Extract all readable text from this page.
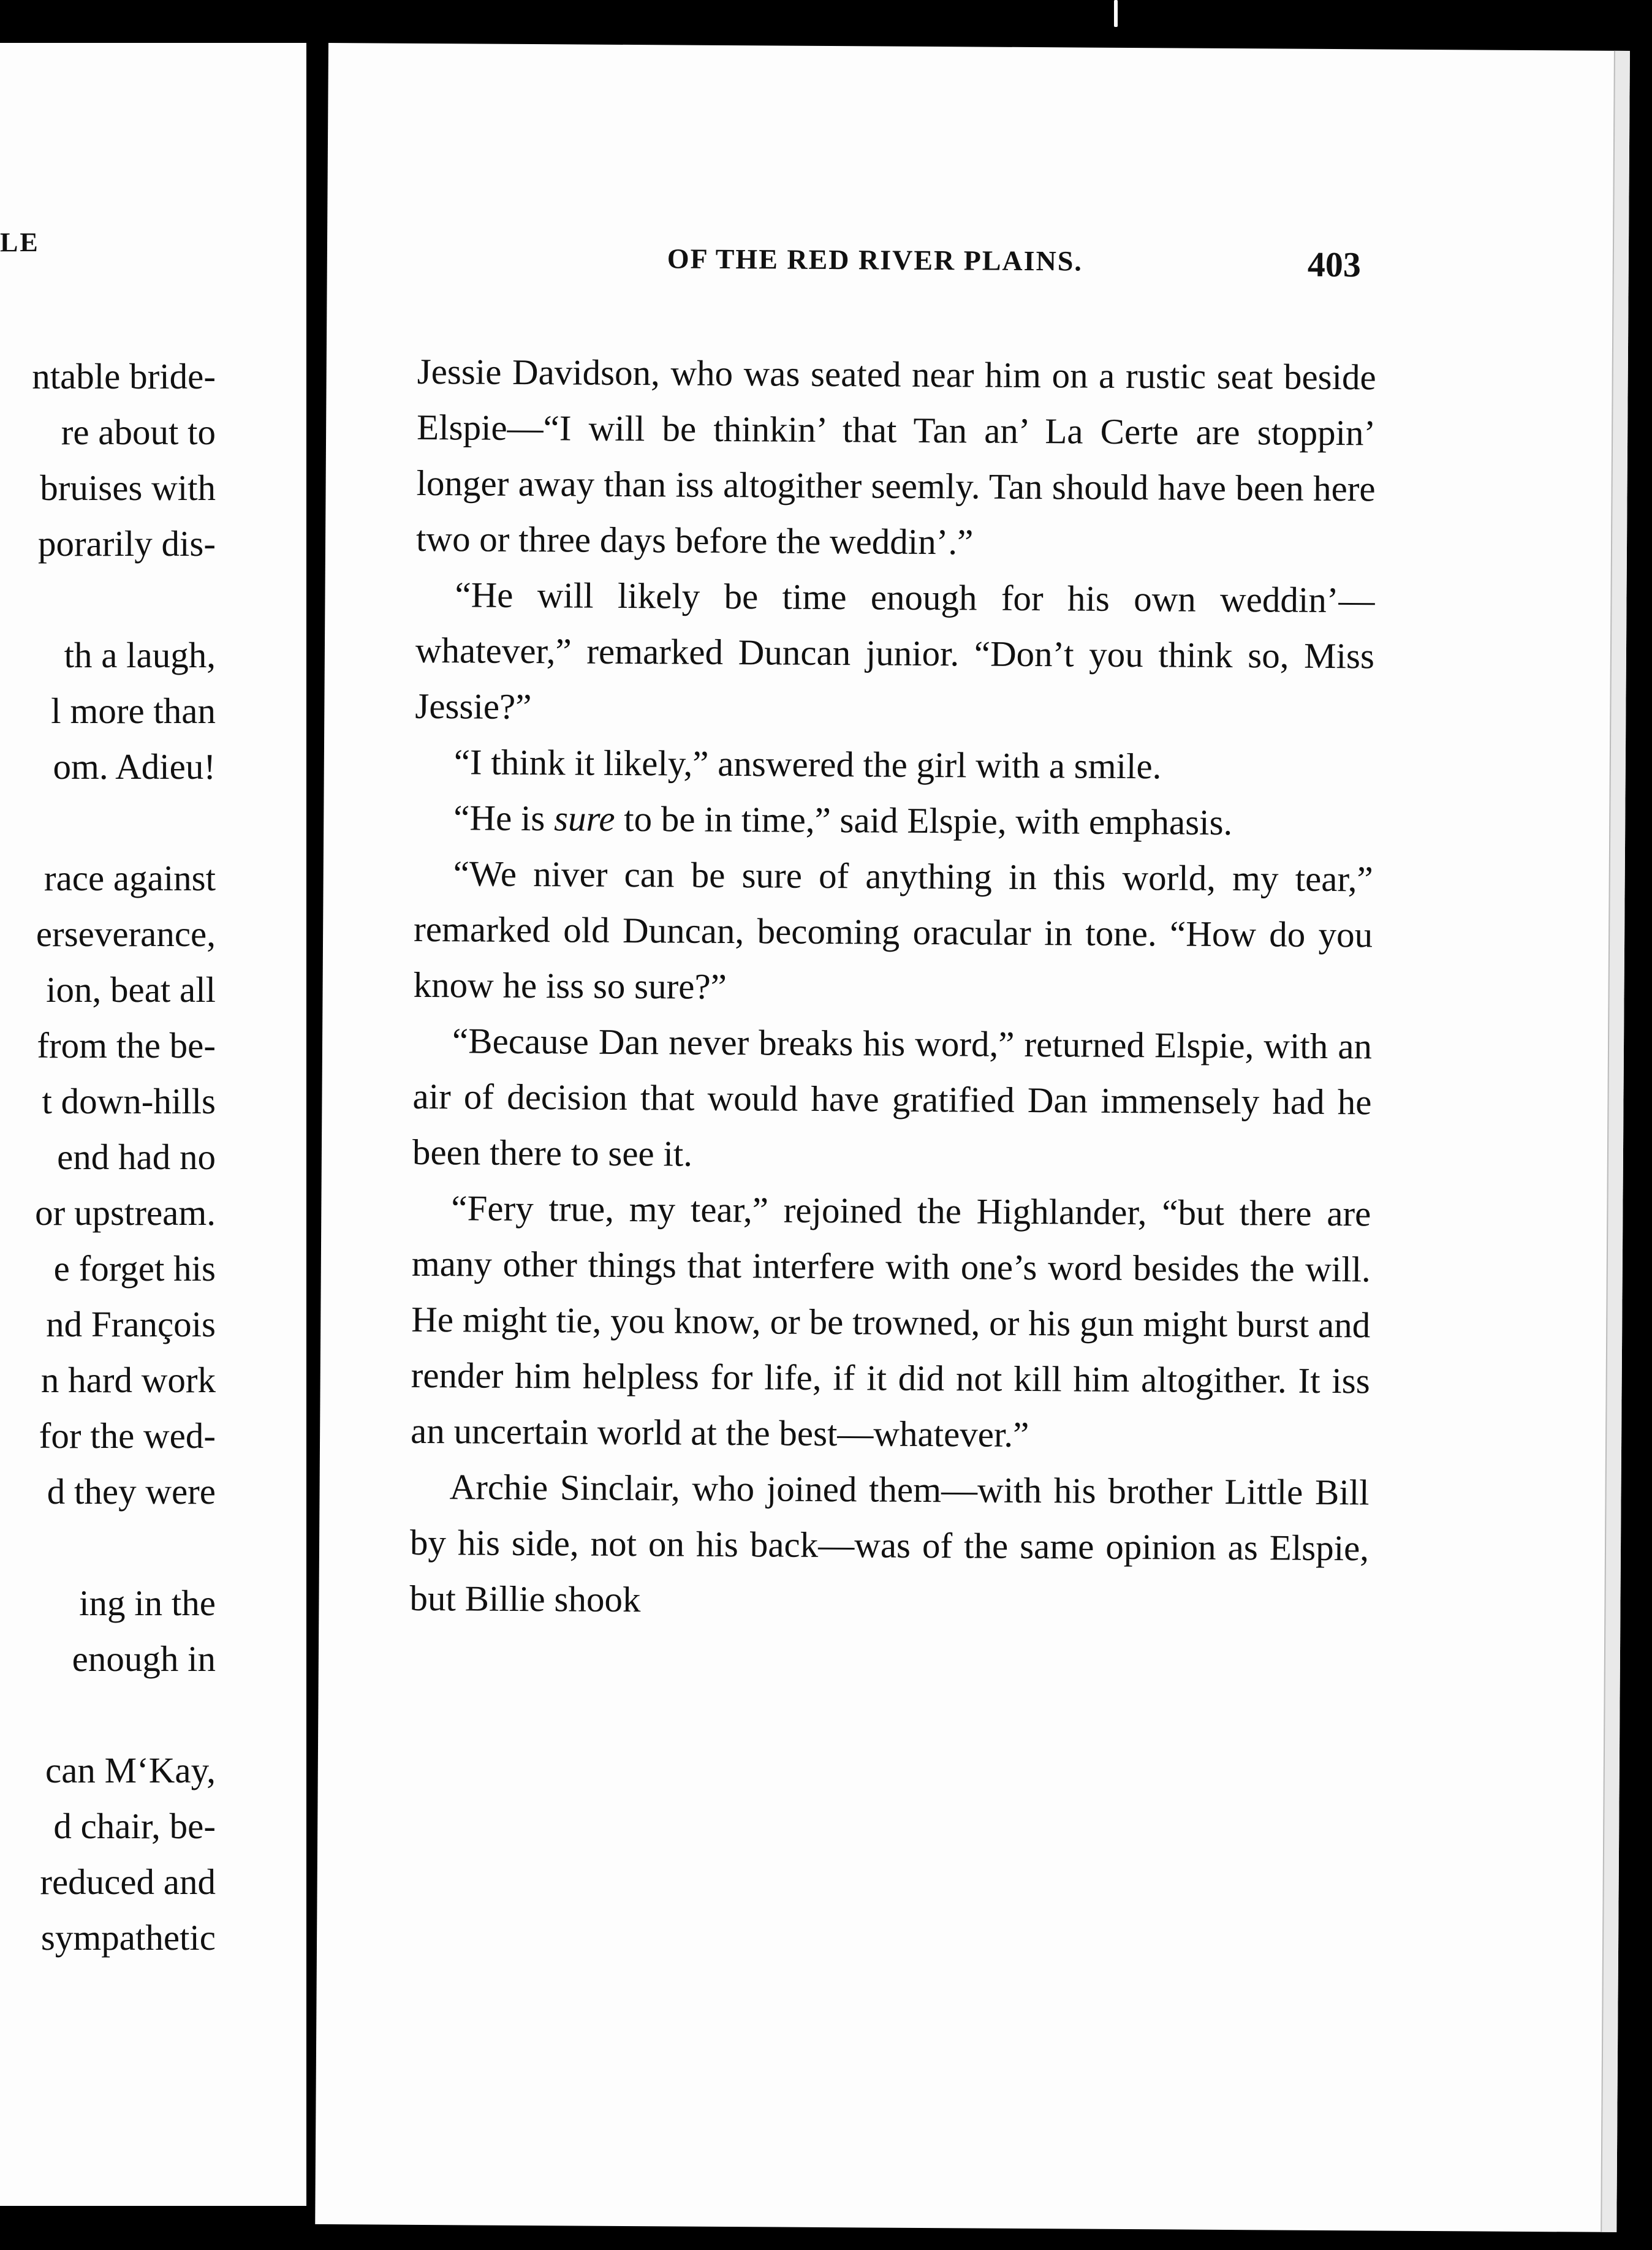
LE
ntable bride-
re about to
bruises with
porarily dis-
th a laugh,
l more than
om. Adieu!
race against
erseverance,
ion, beat all
from the be-
t down-hills
end had no
or upstream.
e forget his
nd François
n hard work
for the wed-
d they were
ing in the
enough in
can M‘Kay,
d chair, be-
reduced and
sympathetic
OF THE RED RIVER PLAINS.	403

Jessie Davidson, who was seated near him on a rustic seat beside Elspie—“I will be thinkin’ that Tan an’ La Certe are stoppin’ longer away than iss altogither seemly. Tan should have been here two or three days before the weddin’.”

“He will likely be time enough for his own weddin’—whatever,” remarked Duncan junior. “Don’t you think so, Miss Jessie?”

“I think it likely,” answered the girl with a smile.

“He is sure to be in time,” said Elspie, with emphasis.

“We niver can be sure of anything in this world, my tear,” remarked old Duncan, becoming oracular in tone. “How do you know he iss so sure?”

“Because Dan never breaks his word,” returned Elspie, with an air of decision that would have gratified Dan immensely had he been there to see it.

“Fery true, my tear,” rejoined the Highlander, “but there are many other things that interfere with one’s word besides the will. He might tie, you know, or be trowned, or his gun might burst and render him helpless for life, if it did not kill him altogither. It iss an uncertain world at the best—whatever.”

Archie Sinclair, who joined them—with his brother Little Bill by his side, not on his back—was of the same opinion as Elspie, but Billie shook
